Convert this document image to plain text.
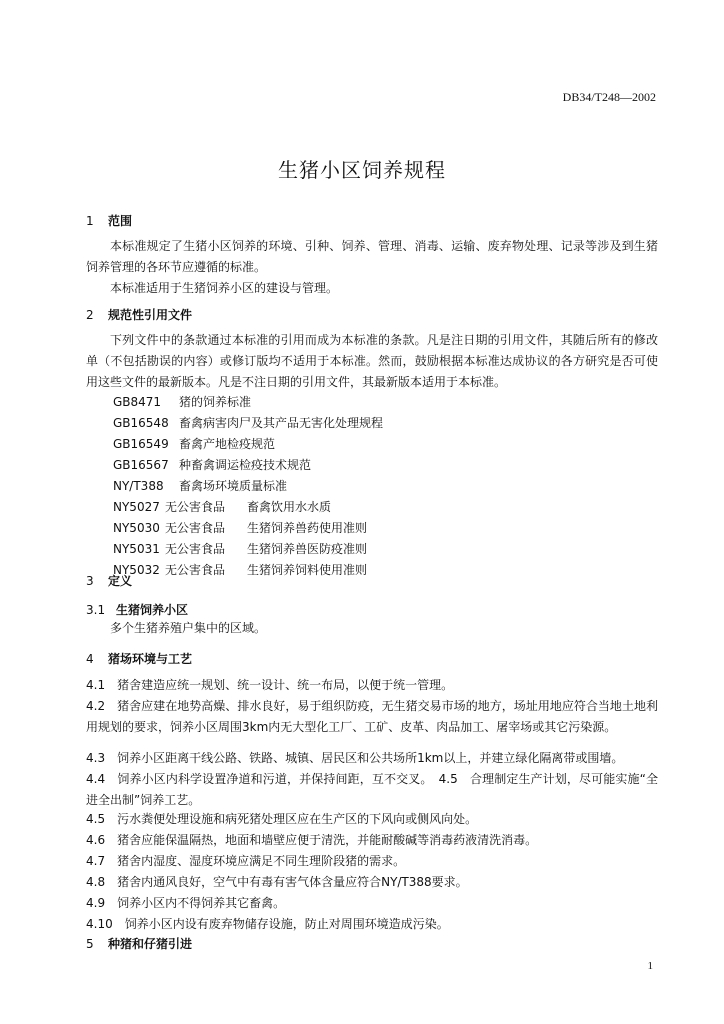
DB34/T248—2002
生猪小区饲养规程
1 范围
本标准规定了生猪小区饲养的环境、引种、饲养、管理、消毒、运输、废弃物处理、记录等涉及到生猪饲养管理的各环节应遵循的标准。
本标准适用于生猪饲养小区的建设与管理。
2 规范性引用文件
下列文件中的条款通过本标准的引用而成为本标准的条款。凡是注日期的引用文件，其随后所有的修改单（不包括勘误的内容）或修订版均不适用于本标准。然而，鼓励根据本标准达成协议的各方研究是否可使用这些文件的最新版本。凡是不注日期的引用文件，其最新版本适用于本标准。
GB8471 猪的饲养标准
GB16548 畜禽病害肉尸及其产品无害化处理规程
GB16549 畜禽产地检疫规范
GB16567 种畜禽调运检疫技术规范
NY/T388 畜禽场环境质量标准
NY5027 无公害食品 畜禽饮用水水质
NY5030 无公害食品 生猪饲养兽药使用准则
NY5031 无公害食品 生猪饲养兽医防疫准则
NY5032 无公害食品 生猪饲养饲料使用准则
3 定义
3.1 生猪饲养小区
多个生猪养殖户集中的区域。
4 猪场环境与工艺
4.1　猪舍建造应统一规划、统一设计、统一布局，以便于统一管理。
4.2　猪舍应建在地势高燥、排水良好，易于组织防疫，无生猪交易市场的地方，场址用地应符合当地土地利用规划的要求，饲养小区周围3km内无大型化工厂、工矿、皮革、肉品加工、屠宰场或其它污染源。
4.3　饲养小区距离干线公路、铁路、城镇、居民区和公共场所1km以上，并建立绿化隔离带或围墙。
4.4　饲养小区内科学设置净道和污道，并保持间距，互不交叉。　4.5　合理制定生产计划，尽可能实施“全进全出制”饲养工艺。
4.5　污水粪便处理设施和病死猪处理区应在生产区的下风向或侧风向处。
4.6　猪舍应能保温隔热，地面和墙壁应便于清洗，并能耐酸碱等消毒药液清洗消毒。
4.7　猪舍内湿度、湿度环境应满足不同生理阶段猪的需求。
4.8　猪舍内通风良好，空气中有毒有害气体含量应符合NY/T388要求。
4.9　饲养小区内不得饲养其它畜禽。
4.10　饲养小区内设有废弃物储存设施，防止对周围环境造成污染。
5 种猪和仔猪引进
1
